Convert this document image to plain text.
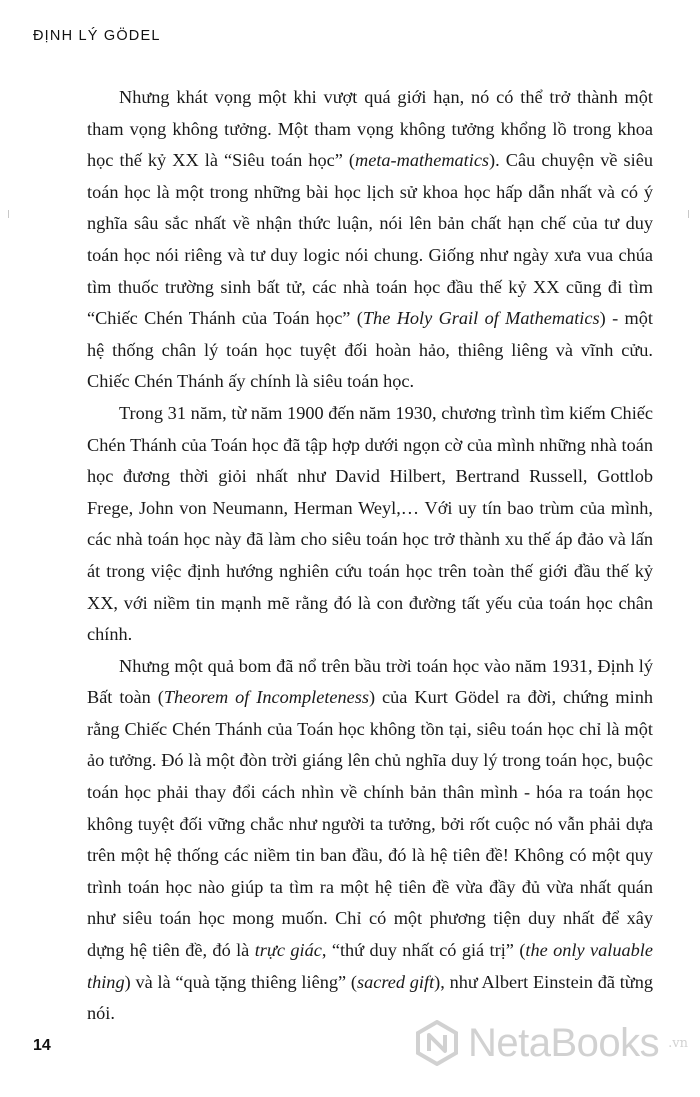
ĐỊNH LÝ GÖDEL

Nhưng khát vọng một khi vượt quá giới hạn, nó có thể trở thành một tham vọng không tưởng. Một tham vọng không tưởng khổng lồ trong khoa học thế kỷ XX là “Siêu toán học” (meta-mathematics). Câu chuyện về siêu toán học là một trong những bài học lịch sử khoa học hấp dẫn nhất và có ý nghĩa sâu sắc nhất về nhận thức luận, nói lên bản chất hạn chế của tư duy toán học nói riêng và tư duy logic nói chung. Giống như ngày xưa vua chúa tìm thuốc trường sinh bất tử, các nhà toán học đầu thế kỷ XX cũng đi tìm “Chiếc Chén Thánh của Toán học” (The Holy Grail of Mathematics) - một hệ thống chân lý toán học tuyệt đối hoàn hảo, thiêng liêng và vĩnh cửu. Chiếc Chén Thánh ấy chính là siêu toán học.

Trong 31 năm, từ năm 1900 đến năm 1930, chương trình tìm kiếm Chiếc Chén Thánh của Toán học đã tập hợp dưới ngọn cờ của mình những nhà toán học đương thời giỏi nhất như David Hilbert, Bertrand Russell, Gottlob Frege, John von Neumann, Herman Weyl,… Với uy tín bao trùm của mình, các nhà toán học này đã làm cho siêu toán học trở thành xu thế áp đảo và lấn át trong việc định hướng nghiên cứu toán học trên toàn thế giới đầu thế kỷ XX, với niềm tin mạnh mẽ rằng đó là con đường tất yếu của toán học chân chính.

Nhưng một quả bom đã nổ trên bầu trời toán học vào năm 1931, Định lý Bất toàn (Theorem of Incompleteness) của Kurt Gödel ra đời, chứng minh rằng Chiếc Chén Thánh của Toán học không tồn tại, siêu toán học chỉ là một ảo tưởng. Đó là một đòn trời giáng lên chủ nghĩa duy lý trong toán học, buộc toán học phải thay đổi cách nhìn về chính bản thân mình - hóa ra toán học không tuyệt đối vững chắc như người ta tưởng, bởi rốt cuộc nó vẫn phải dựa trên một hệ thống các niềm tin ban đầu, đó là hệ tiên đề! Không có một quy trình toán học nào giúp ta tìm ra một hệ tiên đề vừa đầy đủ vừa nhất quán như siêu toán học mong muốn. Chỉ có một phương tiện duy nhất để xây dựng hệ tiên đề, đó là trực giác, “thứ duy nhất có giá trị” (the only valuable thing) và là “quà tặng thiêng liêng” (sacred gift), như Albert Einstein đã từng nói.

14	NetaBooks .vn
